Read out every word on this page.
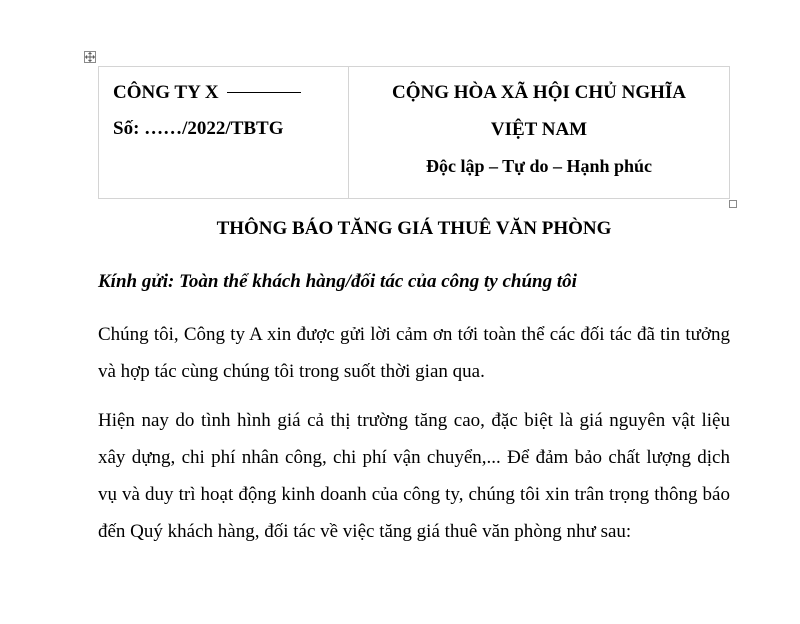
CÔNG TY X
Số: ……/2022/TBTG

CỘNG HÒA XÃ HỘI CHỦ NGHĨA
VIỆT NAM
Độc lập – Tự do – Hạnh phúc
THÔNG BÁO TĂNG GIÁ THUÊ VĂN PHÒNG
Kính gửi: Toàn thể khách hàng/đối tác của công ty chúng tôi
Chúng tôi, Công ty A xin được gửi lời cảm ơn tới toàn thể các đối tác đã tin tưởng và hợp tác cùng chúng tôi trong suốt thời gian qua.
Hiện nay do tình hình giá cả thị trường tăng cao, đặc biệt là giá nguyên vật liệu xây dựng, chi phí nhân công, chi phí vận chuyển,... Để đảm bảo chất lượng dịch vụ và duy trì hoạt động kinh doanh của công ty, chúng tôi xin trân trọng thông báo đến Quý khách hàng, đối tác về việc tăng giá thuê văn phòng như sau:
